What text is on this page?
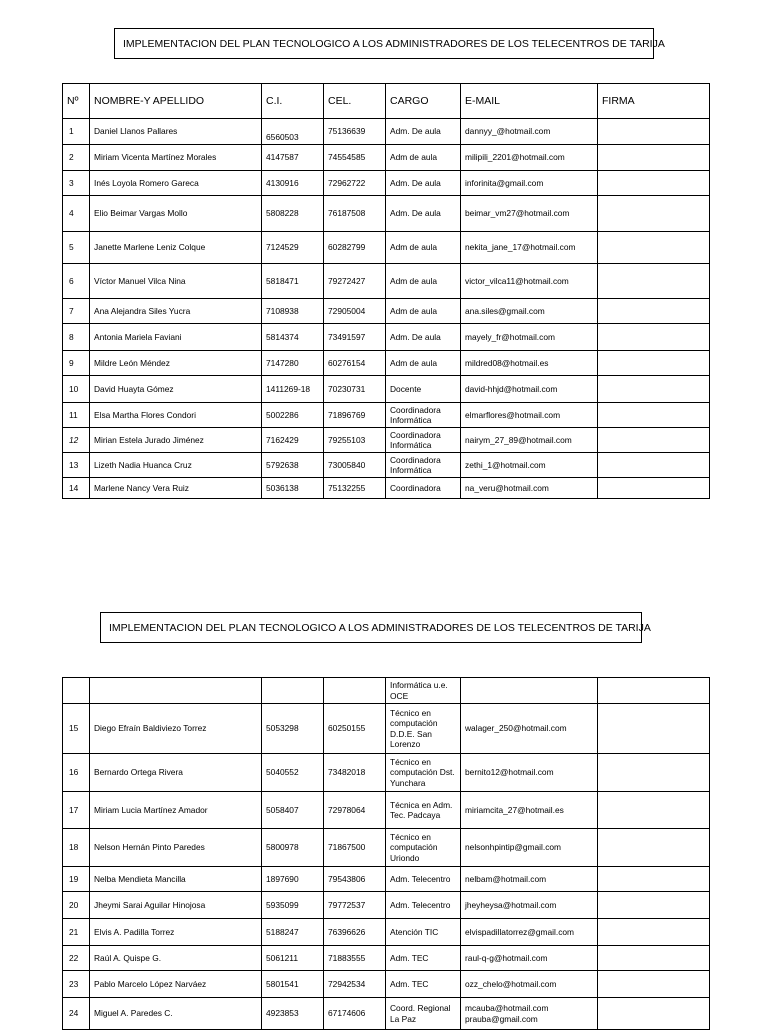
IMPLEMENTACION DEL PLAN TECNOLOGICO A LOS ADMINISTRADORES DE LOS TELECENTROS DE TARIJA
Nº	NOMBRE-Y APELLIDO	C.I.	CEL.	CARGO	E-MAIL	FIRMA
1	Daniel Llanos Pallares	6560503	75136639	Adm. De aula	dannyy_@hotmail.com	
2	Miriam Vicenta Martínez Morales	4147587	74554585	Adm de aula	milipili_2201@hotmail.com	
3	Inés Loyola Romero Gareca	4130916	72962722	Adm. De aula	inforinita@gmail.com	
4	Elio Beimar Vargas Mollo	5808228	76187508	Adm. De aula	beimar_vm27@hotmail.com	
5	Janette Marlene Leniz Colque	7124529	60282799	Adm de aula	nekita_jane_17@hotmail.com	
6	Víctor Manuel Vilca Nina	5818471	79272427	Adm de aula	victor_vilca11@hotmail.com	
7	Ana Alejandra Siles Yucra	7108938	72905004	Adm de aula	ana.siles@gmail.com	
8	Antonia Mariela Faviani	5814374	73491597	Adm. De aula	mayely_fr@hotmail.com	
9	Mildre León Méndez	7147280	60276154	Adm de aula	mildred08@hotmail.es	
10	David Huayta Gómez	1411269-18	70230731	Docente	david-hhjd@hotmail.com	
11	Elsa Martha Flores Condori	5002286	71896769	Coordinadora Informática	elmarflores@hotmail.com	
12	Mirian Estela Jurado Jiménez	7162429	79255103	Coordinadora Informática	nairym_27_89@hotmail.com	
13	Lizeth Nadia Huanca Cruz	5792638	73005840	Coordinadora Informática	zethi_1@hotmail.com	
14	Marlene Nancy Vera Ruiz	5036138	75132255	Coordinadora	na_veru@hotmail.com	
IMPLEMENTACION DEL PLAN TECNOLOGICO A LOS ADMINISTRADORES DE LOS TELECENTROS DE TARIJA
				Informática u.e. OCE		
15	Diego Efraín Baldiviezo Torrez	5053298	60250155	Técnico en computación D.D.E. San Lorenzo	walager_250@hotmail.com	
16	Bernardo Ortega Rivera	5040552	73482018	Técnico en computación Dst. Yunchara	bernito12@hotmail.com	
17	Miriam Lucia Martínez Amador	5058407	72978064	Técnica en Adm. Tec. Padcaya	miriamcita_27@hotmail.es	
18	Nelson Hernán Pinto Paredes	5800978	71867500	Técnico en computación Uriondo	nelsonhpintip@gmail.com	
19	Nelba Mendieta Mancilla	1897690	79543806	Adm. Telecentro	nelbam@hotmail.com	
20	Jheymi Sarai Aguilar Hinojosa	5935099	79772537	Adm. Telecentro	jheyheysa@hotmail.com	
21	Elvis A. Padilla Torrez	5188247	76396626	Atención TIC	elvispadillatorrez@gmail.com	
22	Raúl A. Quispe G.	5061211	71883555	Adm. TEC	raul-q-g@hotmail.com	
23	Pablo Marcelo López Narváez	5801541	72942534	Adm. TEC	ozz_chelo@hotmail.com	
24	Miguel A. Paredes C.	4923853	67174606	Coord. Regional La Paz	mcauba@hotmail.com prauba@gmail.com	
